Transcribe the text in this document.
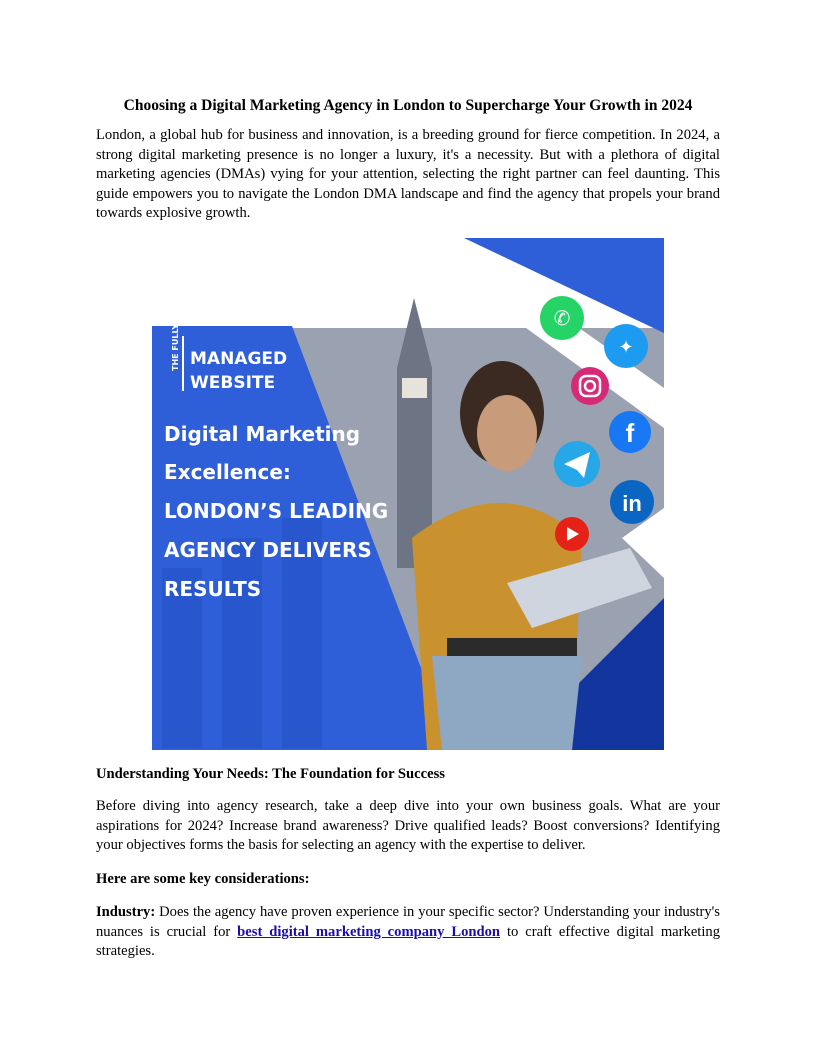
Choosing a Digital Marketing Agency in London to Supercharge Your Growth in 2024

London, a global hub for business and innovation, is a breeding ground for fierce competition. In 2024, a strong digital marketing presence is no longer a luxury, it's a necessity. But with a plethora of digital marketing agencies (DMAs) vying for your attention, selecting the right partner can feel daunting. This guide empowers you to navigate the London DMA landscape and find the agency that propels your brand towards explosive growth.

✆
✦
f
in
THE FULLY MANAGED
WEBSITE
Digital Marketing
Excellence:
LONDON’S LEADING
AGENCY DELIVERS
RESULTS

Understanding Your Needs: The Foundation for Success

Before diving into agency research, take a deep dive into your own business goals. What are your aspirations for 2024? Increase brand awareness? Drive qualified leads? Boost conversions? Identifying your objectives forms the basis for selecting an agency with the expertise to deliver.

Here are some key considerations:

Industry: Does the agency have proven experience in your specific sector? Understanding your industry's nuances is crucial for best digital marketing company London to craft effective digital marketing strategies.
